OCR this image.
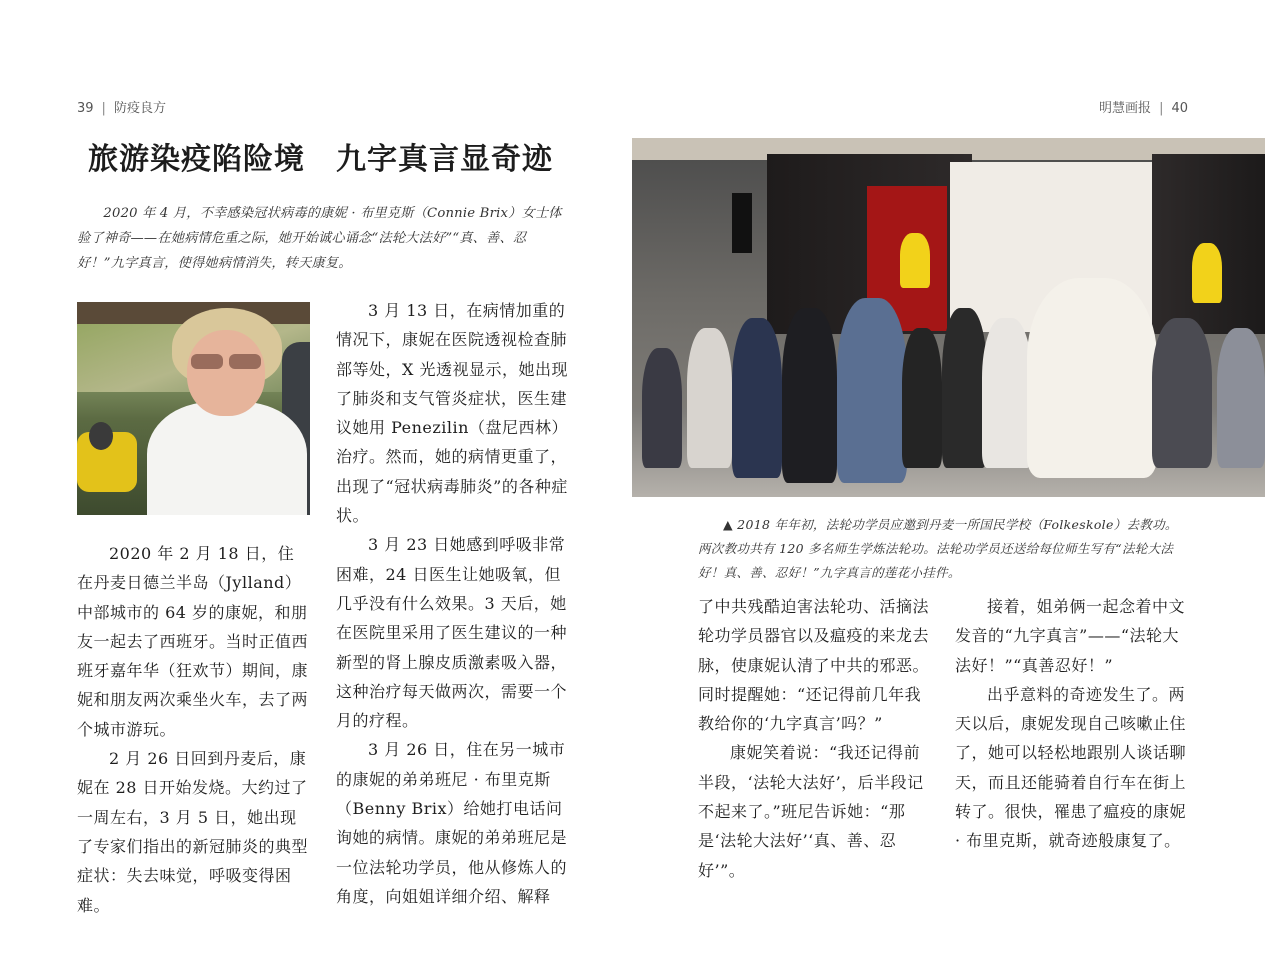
39 | 防疫良方
旅游染疫陷险境　九字真言显奇迹
2020 年 4 月，不幸感染冠状病毒的康妮 · 布里克斯（Connie Brix）女士体验了神奇——在她病情危重之际，她开始诚心诵念“法轮大法好”“真、善、忍好！”九字真言，使得她病情消失，转天康复。

2020 年 2 月 18 日，住在丹麦日德兰半岛（Jylland）中部城市的 64 岁的康妮，和朋友一起去了西班牙。当时正值西班牙嘉年华（狂欢节）期间，康妮和朋友两次乘坐火车，去了两个城市游玩。

2 月 26 日回到丹麦后，康妮在 28 日开始发烧。大约过了一周左右，3 月 5 日，她出现了专家们指出的新冠肺炎的典型症状：失去味觉，呼吸变得困难。

3 月 13 日，在病情加重的情况下，康妮在医院透视检查肺部等处，X 光透视显示，她出现了肺炎和支气管炎症状，医生建议她用 Penezilin（盘尼西林）治疗。然而，她的病情更重了，出现了“冠状病毒肺炎”的各种症状。

3 月 23 日她感到呼吸非常困难，24 日医生让她吸氧，但几乎没有什么效果。3 天后，她在医院里采用了医生建议的一种新型的肾上腺皮质激素吸入器，这种治疗每天做两次，需要一个月的疗程。

3 月 26 日，住在另一城市的康妮的弟弟班尼 · 布里克斯（Benny Brix）给她打电话问询她的病情。康妮的弟弟班尼是一位法轮功学员，他从修炼人的角度，向姐姐详细介绍、解释

明慧画报 | 40
▲ 2018 年年初，法轮功学员应邀到丹麦一所国民学校（Folkeskole）去教功。两次教功共有 120 多名师生学炼法轮功。法轮功学员还送给每位师生写有“法轮大法好！真、善、忍好！”九字真言的莲花小挂件。

了中共残酷迫害法轮功、活摘法轮功学员器官以及瘟疫的来龙去脉，使康妮认清了中共的邪恶。同时提醒她：“还记得前几年我教给你的‘九字真言’吗？”

康妮笑着说：“我还记得前半段，‘法轮大法好’，后半段记不起来了。”班尼告诉她：“那是‘法轮大法好’‘真、善、忍好’”。

接着，姐弟俩一起念着中文发音的“九字真言”——“法轮大法好！”“真善忍好！”

出乎意料的奇迹发生了。两天以后，康妮发现自己咳嗽止住了，她可以轻松地跟别人谈话聊天，而且还能骑着自行车在街上转了。很快，罹患了瘟疫的康妮 · 布里克斯，就奇迹般康复了。
